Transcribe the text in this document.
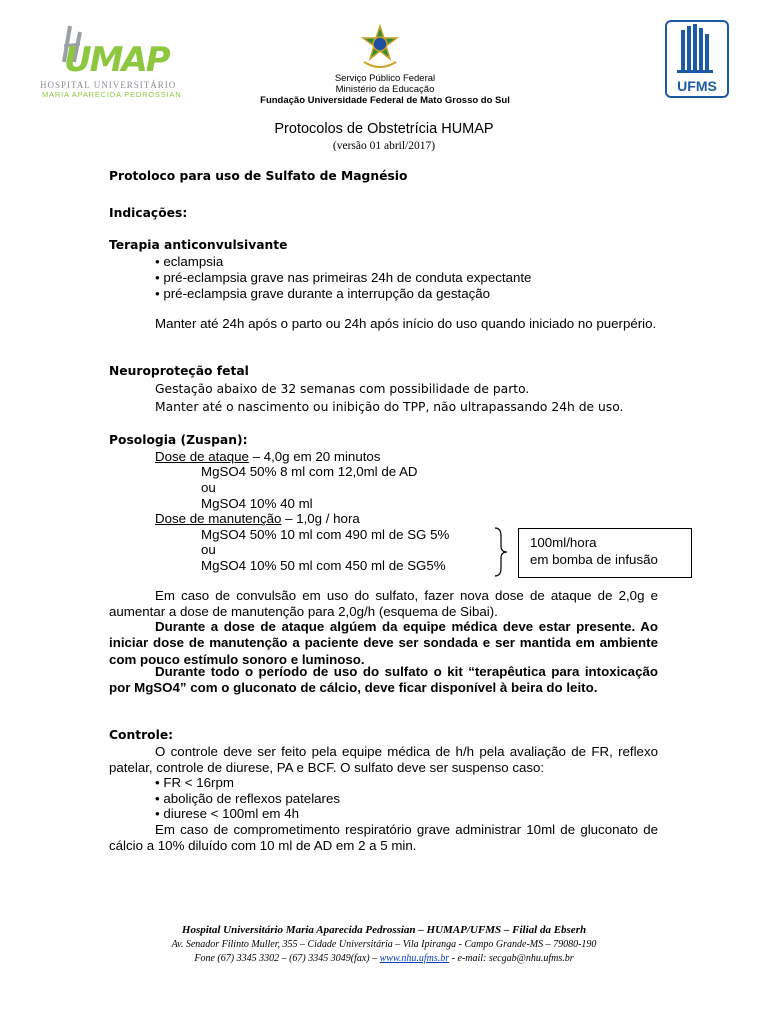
UMAP
HOSPITAL UNIVERSITÁRIO
MARIA APARECIDA PEDROSSIAN
Serviço Público Federal
Ministério da Educação
Fundação Universidade Federal de Mato Grosso do Sul
UFMS
Protocolos de Obstetrícia HUMAP
(versão 01 abril/2017)
Protoloco para uso de Sulfato de Magnésio
Indicações:
Terapia anticonvulsivante
• eclampsia
• pré-eclampsia grave nas primeiras 24h de conduta expectante
• pré-eclampsia grave durante a interrupção da gestação
Manter até 24h após o parto ou 24h após início do uso quando iniciado no puerpério.
Neuroproteção fetal
Gestação abaixo de 32 semanas com possibilidade de parto.
Manter até o nascimento ou inibição do TPP, não ultrapassando 24h de uso.
Posologia (Zuspan):
Dose de ataque – 4,0g em 20 minutos
MgSO4 50% 8 ml com 12,0ml de AD
ou
MgSO4 10% 40 ml
Dose de manutenção – 1,0g / hora
MgSO4 50% 10 ml com 490 ml de SG 5%
ou
MgSO4 10% 50 ml com 450 ml de SG5%
100ml/hora
em bomba de infusão
Em caso de convulsão em uso do sulfato, fazer nova dose de ataque de 2,0g e aumentar a dose de manutenção para 2,0g/h (esquema de Sibai).
Durante a dose de ataque algúem da equipe médica deve estar presente. Ao iniciar dose de manutenção a paciente deve ser sondada e ser mantida em ambiente com pouco estímulo sonoro e luminoso.
Durante todo o período de uso do sulfato o kit “terapêutica para intoxicação por MgSO4” com o gluconato de cálcio, deve ficar disponível à beira do leito.
Controle:
O controle deve ser feito pela equipe médica de h/h pela avaliação de FR, reflexo patelar, controle de diurese, PA e BCF. O sulfato deve ser suspenso caso:
• FR < 16rpm
• abolição de reflexos patelares
• diurese < 100ml em 4h
Em caso de comprometimento respiratório grave administrar 10ml de gluconato de cálcio a 10% diluído com 10 ml de AD em 2 a 5 min.
Hospital Universitário Maria Aparecida Pedrossian – HUMAP/UFMS – Filial da Ebserh
Av. Senador Filinto Muller, 355 – Cidade Universitária – Vila Ipiranga - Campo Grande-MS – 79080-190
Fone (67) 3345 3302 – (67) 3345 3049(fax) – www.nhu.ufms.br - e-mail: secgab@nhu.ufms.br
